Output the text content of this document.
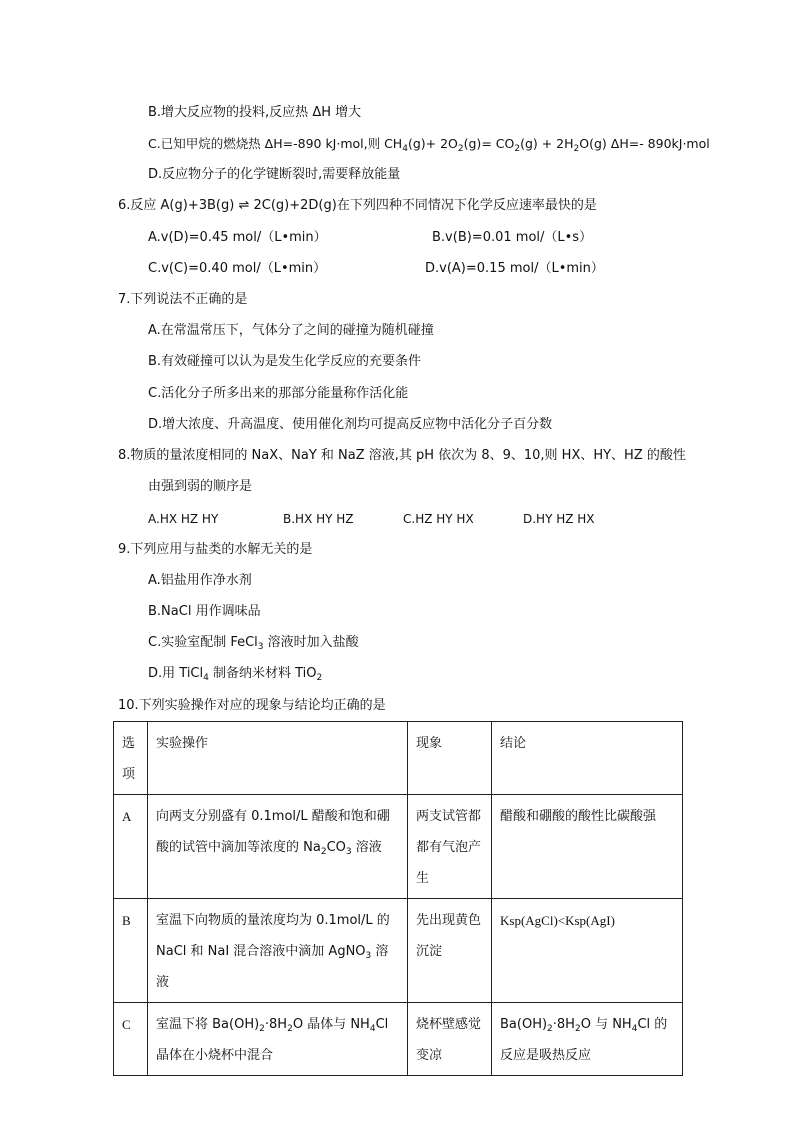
B.增大反应物的投料,反应热 ΔH 增大
C.已知甲烷的燃烧热 ΔH=-890 kJ·mol,则 $CH_4(g)+ 2O_2(g)= CO_2(g) + 2H_2O(g)$ ΔH=- 890kJ·mol
D.反应物分子的化学键断裂时,需要释放能量
6.反应 A(g)+3B(g) ⇌ 2C(g)+2D(g)在下列四种不同情况下化学反应速率最快的是
A.v(D)=0.45 mol/（L•min）	B.v(B)=0.01 mol/（L•s）
C.v(C)=0.40 mol/（L•min）	D.v(A)=0.15 mol/（L•min）
7.下列说法不正确的是
A.在常温常压下，气体分了之间的碰撞为随机碰撞
B.有效碰撞可以认为是发生化学反应的充要条件
C.活化分子所多出来的那部分能量称作活化能
D.增大浓度、升高温度、使用催化剂均可提高反应物中活化分子百分数
8.物质的量浓度相同的 NaX、NaY 和 NaZ 溶液,其 pH 依次为 8、9、10,则 HX、HY、HZ 的酸性
由强到弱的顺序是
A.HX HZ HY	B.HX HY HZ	C.HZ HY HX	D.HY HZ HX
9.下列应用与盐类的水解无关的是
A.铝盐用作净水剂
B.NaCl 用作调味品
C.实验室配制 FeCl$_3$ 溶液时加入盐酸
D.用 TiCl$_4$ 制备纳米材料 TiO$_2$
10.下列实验操作对应的现象与结论均正确的是
选项	实验操作	现象	结论
A	向两支分别盛有 0.1mol/L 醋酸和饱和硼酸的试管中滴加等浓度的 $Na_2CO_3$ 溶液	两支试管都都有气泡产生	醋酸和硼酸的酸性比碳酸强
B	室温下向物质的量浓度均为 0.1mol/L 的 NaCl 和 NaI 混合溶液中滴加 AgNO$_3$ 溶液	先出现黄色沉淀	Ksp(AgCl)<Ksp(AgI)
C	室温下将 $Ba(OH)_2\cdot 8H_2O$ 晶体与 $NH_4Cl$ 晶体在小烧杯中混合	烧杯壁感觉变凉	$Ba(OH)_2\cdot 8H_2O$ 与 $NH_4Cl$ 的反应是吸热反应
